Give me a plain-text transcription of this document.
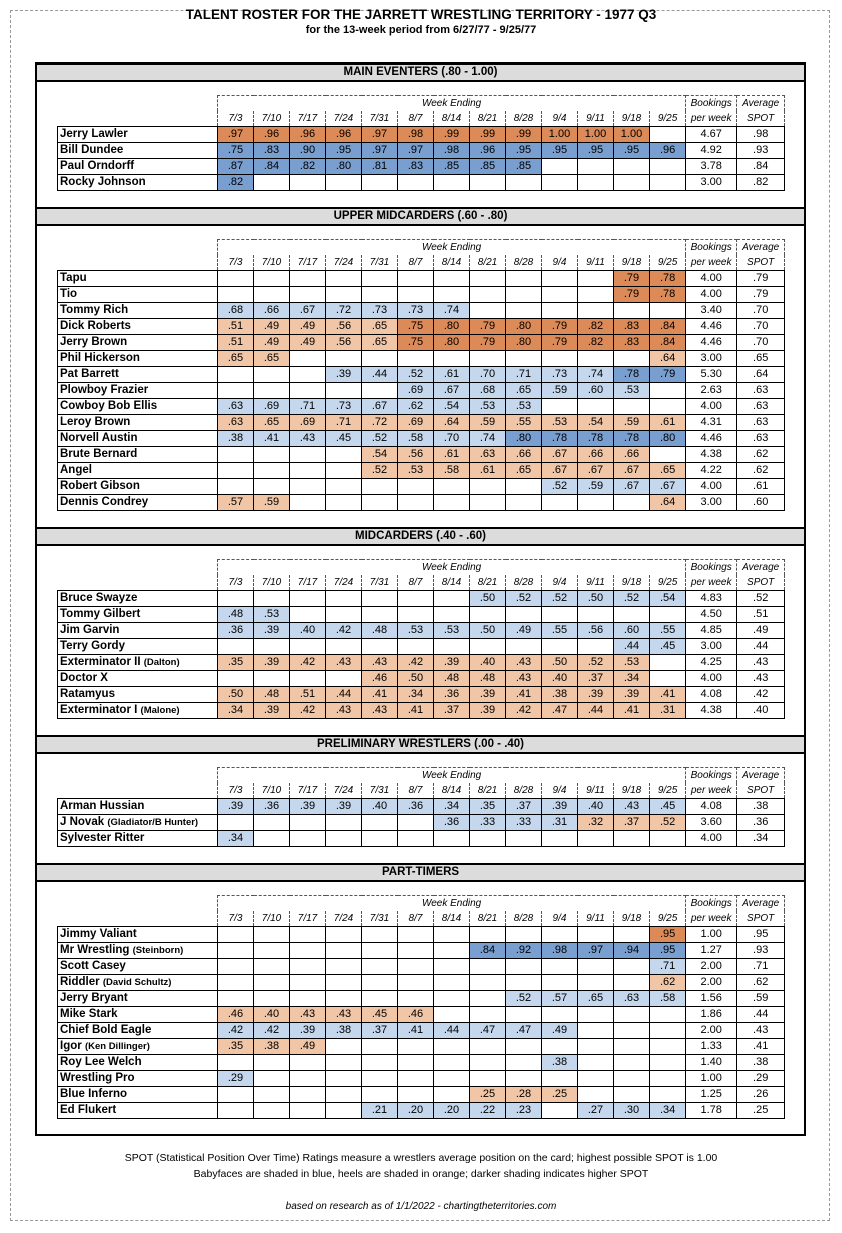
TALENT ROSTER FOR THE JARRETT WRESTLING TERRITORY - 1977 Q3
for the 13-week period from 6/27/77 - 9/25/77
MAIN EVENTERS (.80 - 1.00)
	Week Ending													Bookings	Average
	7/3	7/10	7/17	7/24	7/31	8/7	8/14	8/21	8/28	9/4	9/11	9/18	9/25	per week	SPOT
Jerry Lawler	.97	.96	.96	.96	.97	.98	.99	.99	.99	1.00	1.00	1.00		4.67	.98
Bill Dundee	.75	.83	.90	.95	.97	.97	.98	.96	.95	.95	.95	.95	.96	4.92	.93
Paul Orndorff	.87	.84	.82	.80	.81	.83	.85	.85	.85					3.78	.84
Rocky Johnson	.82													3.00	.82
UPPER MIDCARDERS (.60 - .80)
	Week Ending													Bookings	Average
	7/3	7/10	7/17	7/24	7/31	8/7	8/14	8/21	8/28	9/4	9/11	9/18	9/25	per week	SPOT
Tapu												.79	.78	4.00	.79
Tio												.79	.78	4.00	.79
Tommy Rich	.68	.66	.67	.72	.73	.73	.74							3.40	.70
Dick Roberts	.51	.49	.49	.56	.65	.75	.80	.79	.80	.79	.82	.83	.84	4.46	.70
Jerry Brown	.51	.49	.49	.56	.65	.75	.80	.79	.80	.79	.82	.83	.84	4.46	.70
Phil Hickerson	.65	.65											.64	3.00	.65
Pat Barrett				.39	.44	.52	.61	.70	.71	.73	.74	.78	.79	5.30	.64
Plowboy Frazier						.69	.67	.68	.65	.59	.60	.53		2.63	.63
Cowboy Bob Ellis	.63	.69	.71	.73	.67	.62	.54	.53	.53					4.00	.63
Leroy Brown	.63	.65	.69	.71	.72	.69	.64	.59	.55	.53	.54	.59	.61	4.31	.63
Norvell Austin	.38	.41	.43	.45	.52	.58	.70	.74	.80	.78	.78	.78	.80	4.46	.63
Brute Bernard					.54	.56	.61	.63	.66	.67	.66	.66		4.38	.62
Angel					.52	.53	.58	.61	.65	.67	.67	.67	.65	4.22	.62
Robert Gibson										.52	.59	.67	.67	4.00	.61
Dennis Condrey	.57	.59											.64	3.00	.60
MIDCARDERS (.40 - .60)
	Week Ending													Bookings	Average
	7/3	7/10	7/17	7/24	7/31	8/7	8/14	8/21	8/28	9/4	9/11	9/18	9/25	per week	SPOT
Bruce Swayze								.50	.52	.52	.50	.52	.54	4.83	.52
Tommy Gilbert	.48	.53												4.50	.51
Jim Garvin	.36	.39	.40	.42	.48	.53	.53	.50	.49	.55	.56	.60	.55	4.85	.49
Terry Gordy												.44	.45	3.00	.44
Exterminator II (Dalton)	.35	.39	.42	.43	.43	.42	.39	.40	.43	.50	.52	.53		4.25	.43
Doctor X					.46	.50	.48	.48	.43	.40	.37	.34		4.00	.43
Ratamyus	.50	.48	.51	.44	.41	.34	.36	.39	.41	.38	.39	.39	.41	4.08	.42
Exterminator I (Malone)	.34	.39	.42	.43	.43	.41	.37	.39	.42	.47	.44	.41	.31	4.38	.40
PRELIMINARY WRESTLERS (.00 - .40)
	Week Ending													Bookings	Average
	7/3	7/10	7/17	7/24	7/31	8/7	8/14	8/21	8/28	9/4	9/11	9/18	9/25	per week	SPOT
Arman Hussian	.39	.36	.39	.39	.40	.36	.34	.35	.37	.39	.40	.43	.45	4.08	.38
J Novak (Gladiator/B Hunter)							.36	.33	.33	.31	.32	.37	.52	3.60	.36
Sylvester Ritter	.34													4.00	.34
PART-TIMERS
	Week Ending													Bookings	Average
	7/3	7/10	7/17	7/24	7/31	8/7	8/14	8/21	8/28	9/4	9/11	9/18	9/25	per week	SPOT
Jimmy Valiant													.95	1.00	.95
Mr Wrestling (Steinborn)								.84	.92	.98	.97	.94	.95	1.27	.93
Scott Casey													.71	2.00	.71
Riddler (David Schultz)													.62	2.00	.62
Jerry Bryant									.52	.57	.65	.63	.58	1.56	.59
Mike Stark	.46	.40	.43	.43	.45	.46								1.86	.44
Chief Bold Eagle	.42	.42	.39	.38	.37	.41	.44	.47	.47	.49				2.00	.43
Igor (Ken Dillinger)	.35	.38	.49											1.33	.41
Roy Lee Welch										.38				1.40	.38
Wrestling Pro	.29													1.00	.29
Blue Inferno								.25	.28	.25				1.25	.26
Ed Flukert					.21	.20	.20	.22	.23		.27	.30	.34	1.78	.25
SPOT (Statistical Position Over Time) Ratings measure a wrestlers average position on the card; highest possible SPOT is 1.00
Babyfaces are shaded in blue, heels are shaded in orange; darker shading indicates higher SPOT
based on research as of 1/1/2022 - chartingtheterritories.com
